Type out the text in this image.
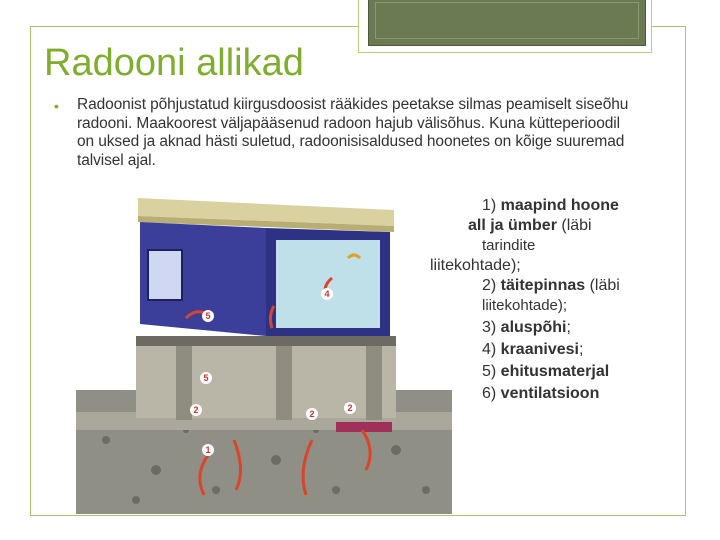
Radooni allikad
• Radoonist põhjustatud kiirgusdoosist rääkides peetakse silmas peamiselt siseõhu radooni. Maakoorest väljapääsenud radoon hajub välisõhus. Kuna kütteperioodil on uksed ja aknad hästi suletud, radoonisisaldused hoonetes on kõige suuremad talvisel ajal.
5
5
4
2	2
2
1
1) maapind hoone
all ja ümber (läbi
tarindite
liitekohtade);
2) täitepinnas (läbi
liitekohtade);
3) aluspõhi;
4) kraanivesi;
5) ehitusmaterjal
6) ventilatsioon
